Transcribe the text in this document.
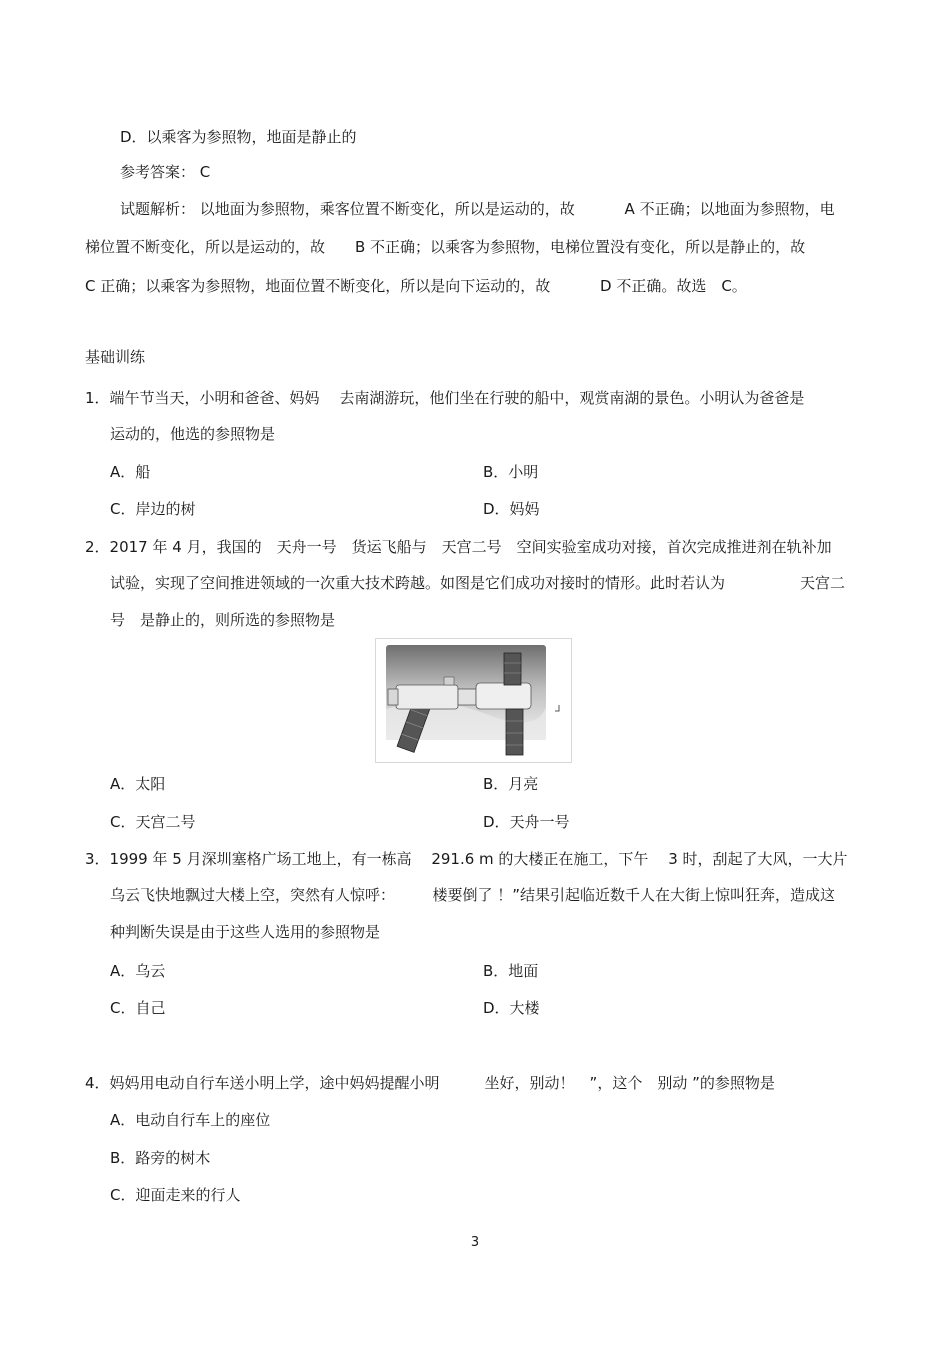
D．以乘客为参照物，地面是静止的
参考答案： C
试题解析： 以地面为参照物，乘客位置不断变化，所以是运动的，故　　　 A 不正确；以地面为参照物，电
梯位置不断变化，所以是运动的，故　　B 不正确；以乘客为参照物，电梯位置没有变化，所以是静止的，故
C 正确；以乘客为参照物，地面位置不断变化，所以是向下运动的，故　　　 D 不正确。故选　C。
基础训练
1．端午节当天，小明和爸爸、妈妈　 去南湖游玩，他们坐在行驶的船中，观赏南湖的景色。小明认为爸爸是
运动的，他选的参照物是
A．船	B．小明
C．岸边的树	D．妈妈
2．2017 年 4 月，我国的　天舟一号　货运飞船与　天宫二号　空间实验室成功对接，首次完成推进剂在轨补加
试验，实现了空间推进领域的一次重大技术跨越。如图是它们成功对接时的情形。此时若认为　　　　　天宫二
号　是静止的，则所选的参照物是
A．太阳	B．月亮
C．天宫二号	D．天舟一号
3．1999 年 5 月深圳塞格广场工地上，有一栋高　 291.6 m 的大楼正在施工，下午　 3 时，刮起了大风，一大片
乌云飞快地飘过大楼上空，突然有人惊呼：　　　楼要倒了 ！”结果引起临近数千人在大街上惊叫狂奔，造成这
种判断失误是由于这些人选用的参照物是
A．乌云	B．地面
C．自己	D．大楼
4．妈妈用电动自行车送小明上学，途中妈妈提醒小明　　　坐好，别动！　”，这个　别动 ”的参照物是
A．电动自行车上的座位
B．路旁的树木
C．迎面走来的行人
3
